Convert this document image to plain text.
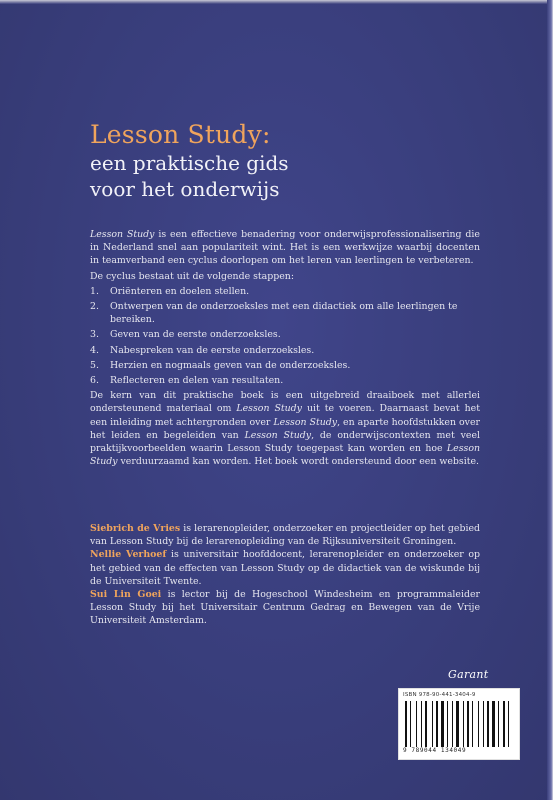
Lesson Study:
een praktische gids
voor het onderwijs

Lesson Study is een effectieve benadering voor onderwijsprofessionalisering die in Nederland snel aan populariteit wint. Het is een werkwijze waarbij docenten in teamverband een cyclus doorlopen om het leren van leerlingen te verbeteren.

De cyclus bestaat uit de volgende stappen:

1.	Oriënteren en doelen stellen.
2.	Ontwerpen van de onderzoeksles met een didactiek om alle leerlingen te bereiken.
3.	Geven van de eerste onderzoeksles.
4.	Nabespreken van de eerste onderzoeksles.
5.	Herzien en nogmaals geven van de onderzoeksles.
6.	Reflecteren en delen van resultaten.

De kern van dit praktische boek is een uitgebreid draaiboek met allerlei ondersteunend materiaal om Lesson Study uit te voeren. Daarnaast bevat het een inleiding met achtergronden over Lesson Study, en aparte hoofdstukken over het leiden en begeleiden van Lesson Study, de onderwijscontexten met veel praktijkvoorbeelden waarin Lesson Study toegepast kan worden en hoe Lesson Study verduurzaamd kan worden. Het boek wordt ondersteund door een website.

Siebrich de Vries is lerarenopleider, onderzoeker en projectleider op het gebied van Lesson Study bij de lerarenopleiding van de Rijksuniversiteit Groningen.

Nellie Verhoef is universitair hoofddocent, lerarenopleider en onderzoeker op het gebied van de effecten van Lesson Study op de didactiek van de wiskunde bij de Universiteit Twente.

Sui Lin Goei is lector bij de Hogeschool Windesheim en programmaleider Lesson Study bij het Universitair Centrum Gedrag en Bewegen van de Vrije Universiteit Amsterdam.

Garant
ISBN 978-90-441-3404-9
9 789044 134049
